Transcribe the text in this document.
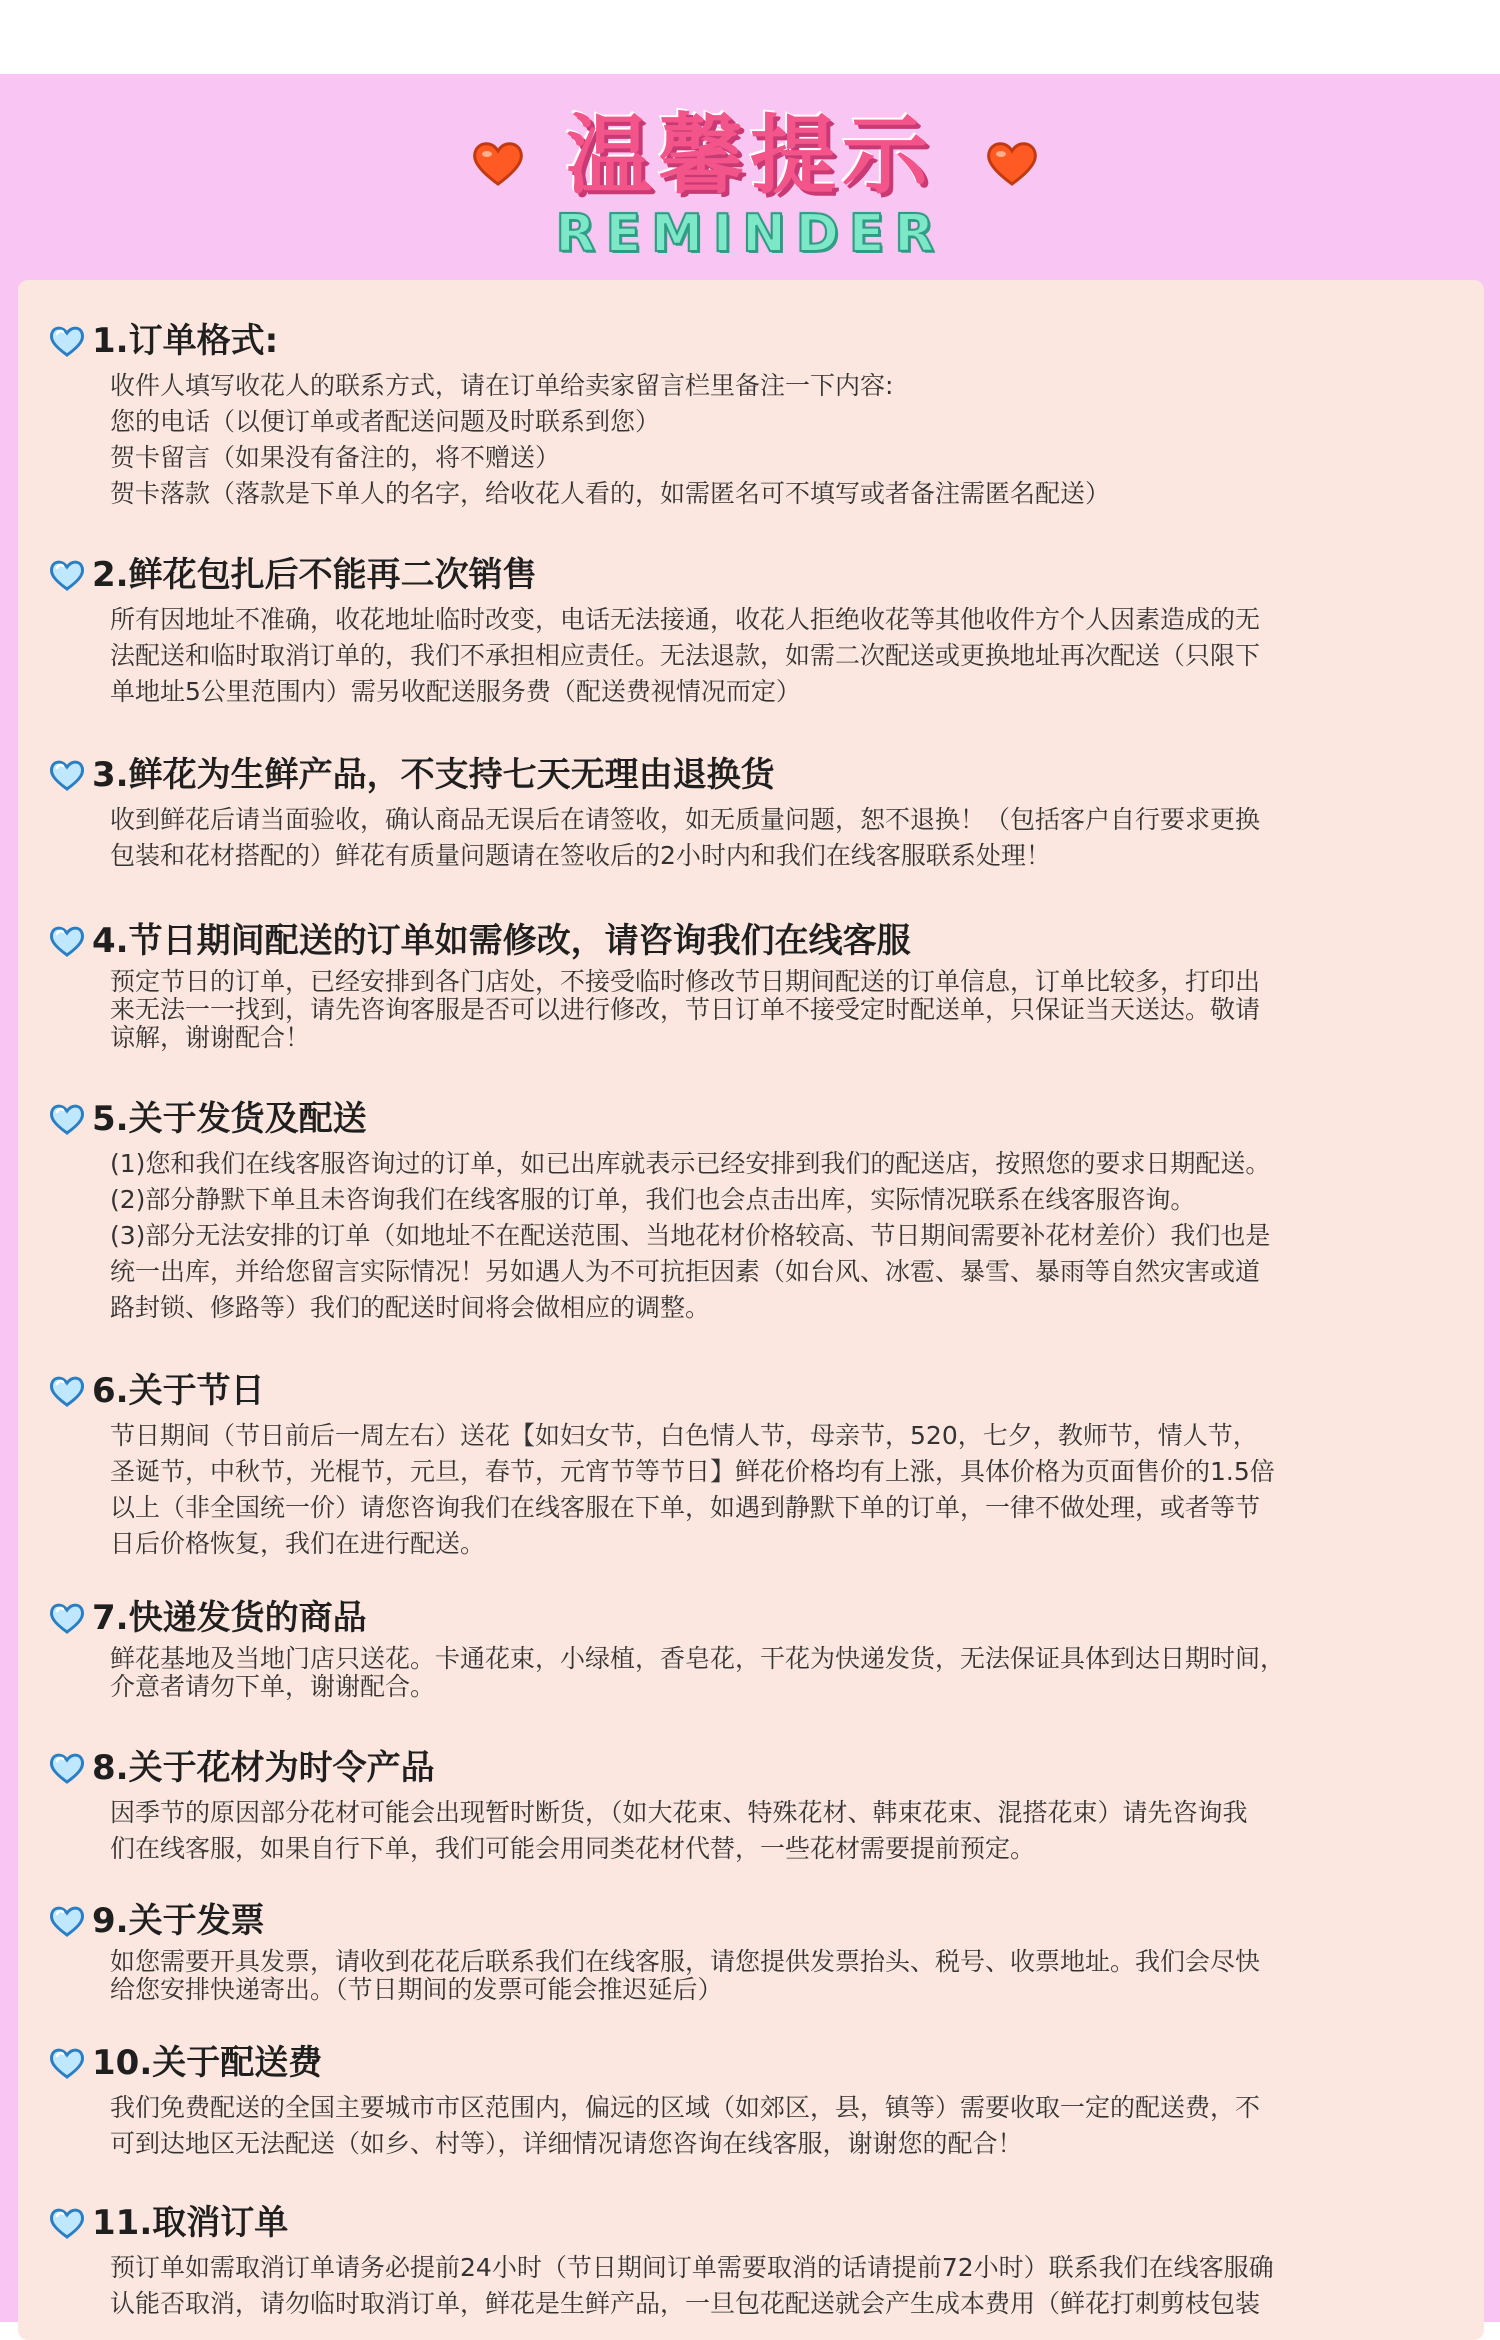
温馨提示
REMINDER
1.订单格式:
收件人填写收花人的联系方式，请在订单给卖家留言栏里备注一下内容:
您的电话（以便订单或者配送问题及时联系到您）
贺卡留言（如果没有备注的，将不赠送）
贺卡落款（落款是下单人的名字，给收花人看的，如需匿名可不填写或者备注需匿名配送）
2.鲜花包扎后不能再二次销售
所有因地址不准确，收花地址临时改变，电话无法接通，收花人拒绝收花等其他收件方个人因素造成的无
法配送和临时取消订单的，我们不承担相应责任。无法退款，如需二次配送或更换地址再次配送（只限下
单地址5公里范围内）需另收配送服务费（配送费视情况而定）
3.鲜花为生鲜产品，不支持七天无理由退换货
收到鲜花后请当面验收，确认商品无误后在请签收，如无质量问题，恕不退换！（包括客户自行要求更换
包装和花材搭配的）鲜花有质量问题请在签收后的2小时内和我们在线客服联系处理！
4.节日期间配送的订单如需修改，请咨询我们在线客服
预定节日的订单，已经安排到各门店处，不接受临时修改节日期间配送的订单信息，订单比较多，打印出
来无法一一找到，请先咨询客服是否可以进行修改，节日订单不接受定时配送单，只保证当天送达。敬请
谅解，谢谢配合！
5.关于发货及配送
(1)您和我们在线客服咨询过的订单，如已出库就表示已经安排到我们的配送店，按照您的要求日期配送。
(2)部分静默下单且未咨询我们在线客服的订单，我们也会点击出库，实际情况联系在线客服咨询。
(3)部分无法安排的订单（如地址不在配送范围、当地花材价格较高、节日期间需要补花材差价）我们也是
统一出库，并给您留言实际情况！另如遇人为不可抗拒因素（如台风、冰雹、暴雪、暴雨等自然灾害或道
路封锁、修路等）我们的配送时间将会做相应的调整。
6.关于节日
节日期间（节日前后一周左右）送花【如妇女节，白色情人节，母亲节，520，七夕，教师节，情人节，
圣诞节，中秋节，光棍节，元旦，春节，元宵节等节日】鲜花价格均有上涨，具体价格为页面售价的1.5倍
以上（非全国统一价）请您咨询我们在线客服在下单，如遇到静默下单的订单，一律不做处理，或者等节
日后价格恢复，我们在进行配送。
7.快递发货的商品
鲜花基地及当地门店只送花。卡通花束，小绿植，香皂花，干花为快递发货，无法保证具体到达日期时间，
介意者请勿下单，谢谢配合。
8.关于花材为时令产品
因季节的原因部分花材可能会出现暂时断货，（如大花束、特殊花材、韩束花束、混搭花束）请先咨询我
们在线客服，如果自行下单，我们可能会用同类花材代替，一些花材需要提前预定。
9.关于发票
如您需要开具发票，请收到花花后联系我们在线客服，请您提供发票抬头、税号、收票地址。我们会尽快
给您安排快递寄出。（节日期间的发票可能会推迟延后）
10.关于配送费
我们免费配送的全国主要城市市区范围内，偏远的区域（如郊区，县，镇等）需要收取一定的配送费，不
可到达地区无法配送（如乡、村等），详细情况请您咨询在线客服，谢谢您的配合！
11.取消订单
预订单如需取消订单请务必提前24小时（节日期间订单需要取消的话请提前72小时）联系我们在线客服确
认能否取消，请勿临时取消订单，鲜花是生鲜产品，一旦包花配送就会产生成本费用（鲜花打刺剪枝包装
